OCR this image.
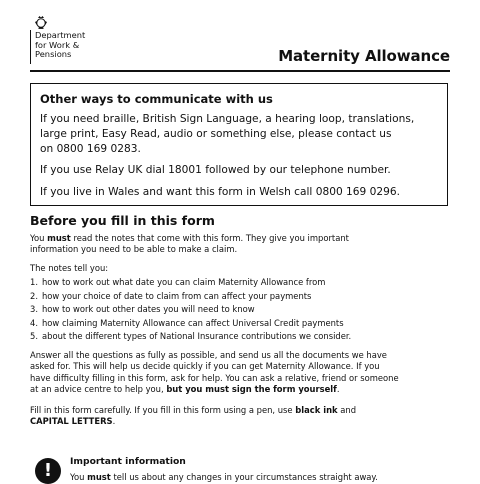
Department
for Work &
Pensions	Maternity Allowance
Other ways to communicate with us
If you need braille, British Sign Language, a hearing loop, translations,
large print, Easy Read, audio or something else, please contact us
on 0800 169 0283.
If you use Relay UK dial 18001 followed by our telephone number.
If you live in Wales and want this form in Welsh call 0800 169 0296.
Before you fill in this form
You must read the notes that come with this form. They give you important
information you need to be able to make a claim.
The notes tell you:
1. how to work out what date you can claim Maternity Allowance from
2. how your choice of date to claim from can affect your payments
3. how to work out other dates you will need to know
4. how claiming Maternity Allowance can affect Universal Credit payments
5. about the different types of National Insurance contributions we consider.
Answer all the questions as fully as possible, and send us all the documents we have
asked for. This will help us decide quickly if you can get Maternity Allowance. If you
have difficulty filling in this form, ask for help. You can ask a relative, friend or someone
at an advice centre to help you, but you must sign the form yourself.
Fill in this form carefully. If you fill in this form using a pen, use black ink and
CAPITAL LETTERS.
!	Important information
You must tell us about any changes in your circumstances straight away.
